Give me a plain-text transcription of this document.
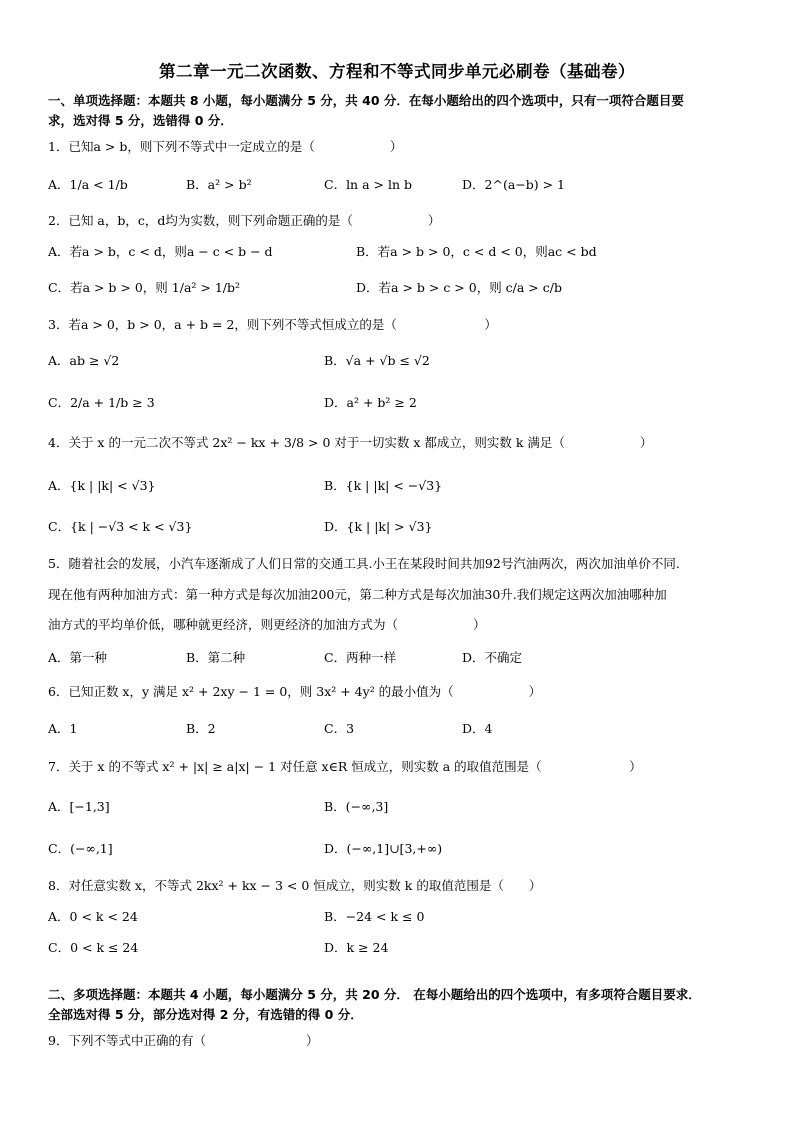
第二章一元二次函数、方程和不等式同步单元必刷卷（基础卷）
一、单项选择题：本题共 8 小题，每小题满分 5 分，共 40 分．在每小题给出的四个选项中，只有一项符合题目要
求，选对得 5 分，选错得 0 分．
1．已知a > b，则下列不等式中一定成立的是（　　　　　　）
A．1/a < 1/b	B．a² > b²	C．ln a > ln b	D．2^(a−b) > 1
2．已知 a，b，c，d均为实数，则下列命题正确的是（　　　　　　）
A．若a > b，c < d，则a − c < b − d	B．若a > b > 0，c < d < 0，则ac < bd
C．若a > b > 0，则 1/a² > 1/b²	D．若a > b > c > 0，则 c/a > c/b
3．若a > 0，b > 0，a + b = 2，则下列不等式恒成立的是（　　　　　　　）
A．ab ≥ √2	B．√a + √b ≤ √2
C．2/a + 1/b ≥ 3	D．a² + b² ≥ 2
4．关于 x 的一元二次不等式 2x² − kx + 3/8 > 0 对于一切实数 x 都成立，则实数 k 满足（　　　　　　）
A．{k | |k| < √3}	B．{k | |k| < −√3}
C．{k | −√3 < k < √3}	D．{k | |k| > √3}
5．随着社会的发展，小汽车逐渐成了人们日常的交通工具.小王在某段时间共加92号汽油两次，两次加油单价不同.
现在他有两种加油方式：第一种方式是每次加油200元，第二种方式是每次加油30升.我们规定这两次加油哪种加
油方式的平均单价低，哪种就更经济，则更经济的加油方式为（　　　　　　）
A．第一种	B．第二种	C．两种一样	D．不确定
6．已知正数 x，y 满足 x² + 2xy − 1 = 0，则 3x² + 4y² 的最小值为（　　　　　　）
A．1	B．2	C．3	D．4
7．关于 x 的不等式 x² + |x| ≥ a|x| − 1 对任意 x∈R 恒成立，则实数 a 的取值范围是（　　　　　　　）
A．[−1,3]	B．(−∞,3]
C．(−∞,1]	D．(−∞,1]∪[3,+∞)
8．对任意实数 x，不等式 2kx² + kx − 3 < 0 恒成立，则实数 k 的取值范围是（　　）
A．0 < k < 24	B．−24 < k ≤ 0
C．0 < k ≤ 24	D．k ≥ 24
二、多项选择题：本题共 4 小题，每小题满分 5 分，共 20 分． 在每小题给出的四个选项中，有多项符合题目要求．
全部选对得 5 分，部分选对得 2 分，有选错的得 0 分．
9．下列不等式中正确的有（　　　　　　　　）
